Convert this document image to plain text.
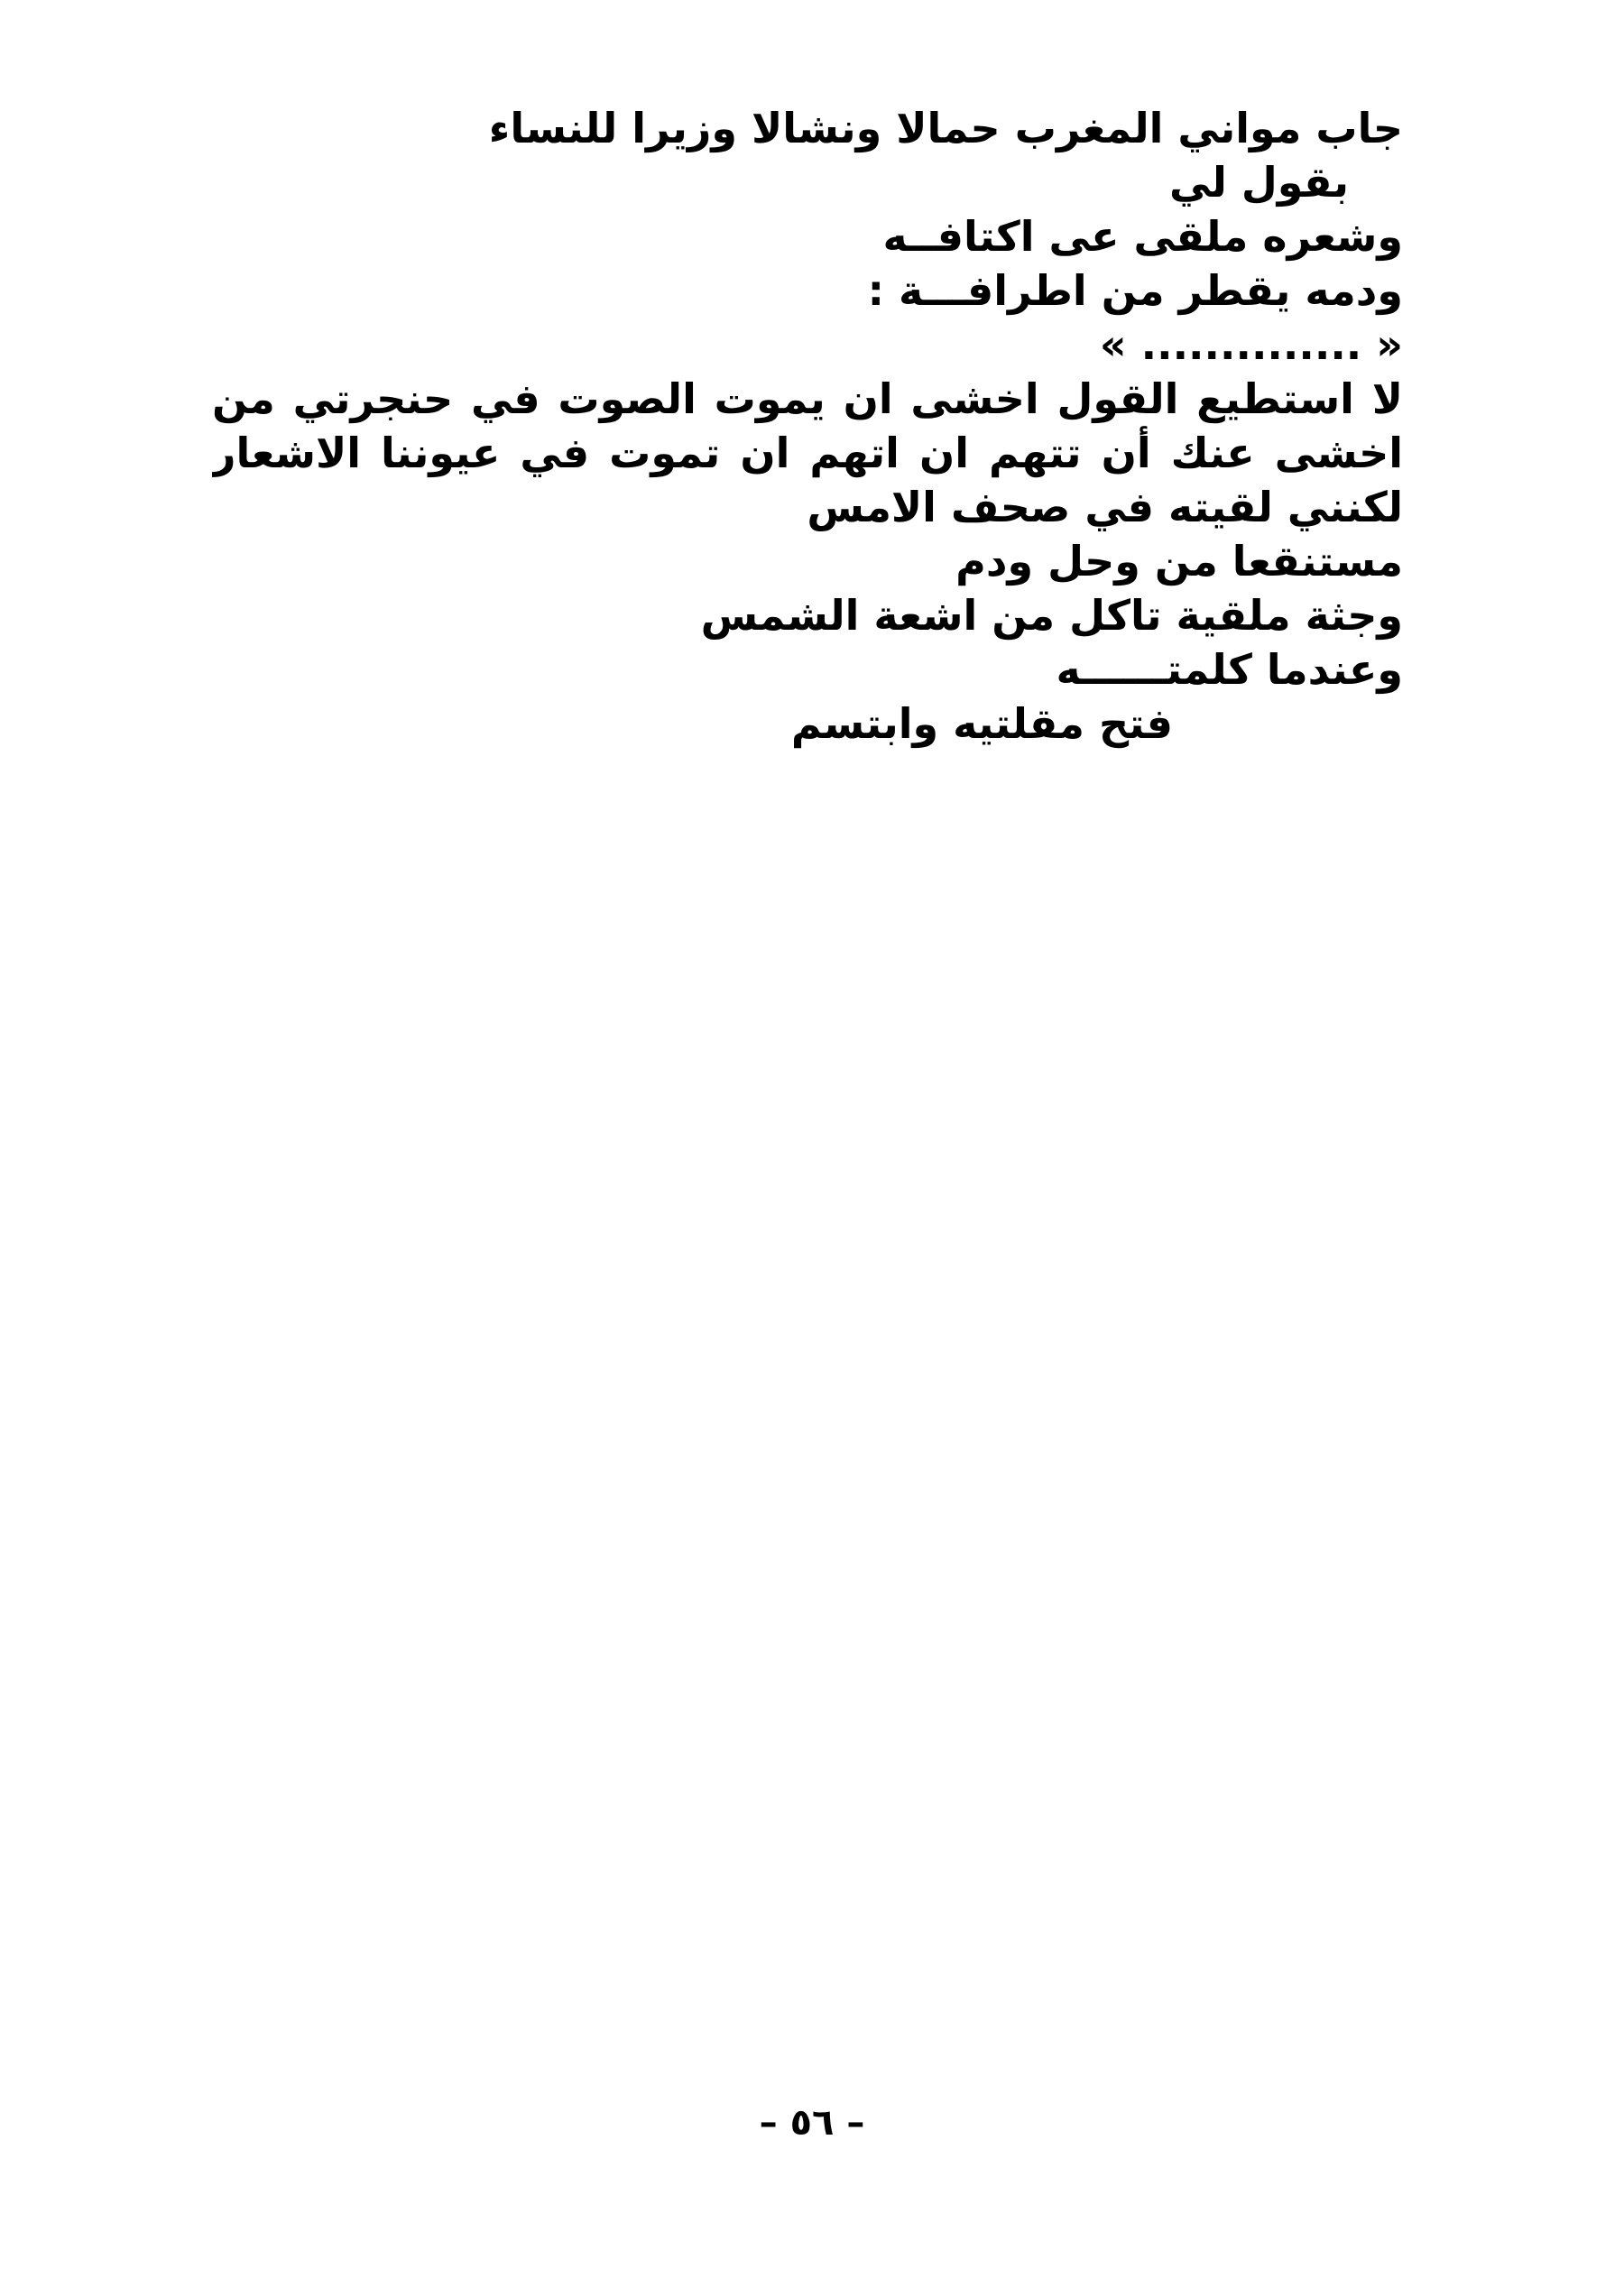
جاب مواني المغرب حمالا ونشالا وزيرا للنساء
بقول لي
وشعره ملقى عى اكتافــه
ودمه يقطر من اطرافـــة :
« .............. »
لا استطيع القول اخشى ان يموت الصوت في حنجرتي من
اخشى عنك أن تتهم ان اتهم ان تموت في عيوننا الاشعار
لكنني لقيته في صحف الامس
مستنقعا من وحل ودم
وجثة ملقية تاكل من اشعة الشمس
وعندما كلمتــــــه
فتح مقلتيه وابتسم
– ٥٦ –
